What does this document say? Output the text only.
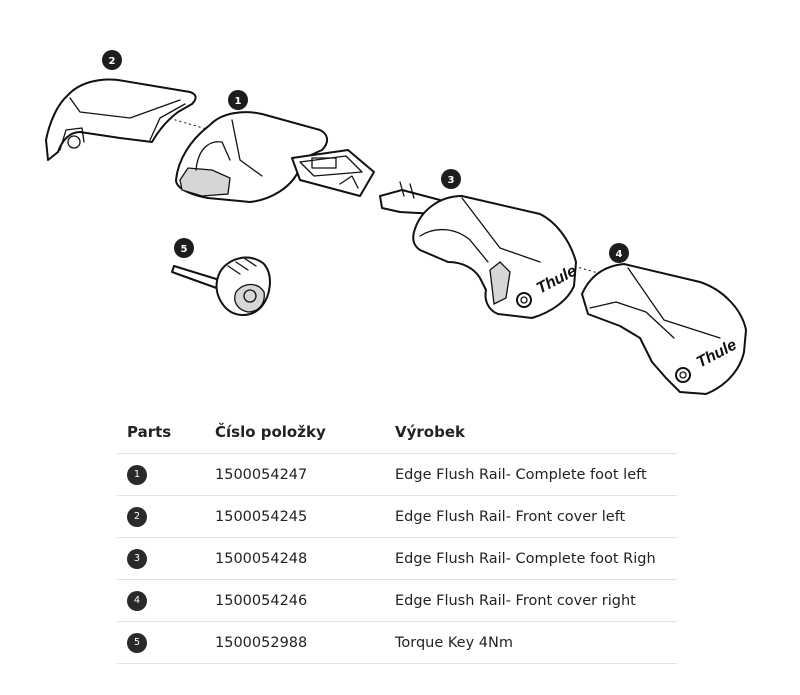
Thule
Thule
2
1
3
4
5
Parts	Číslo položky	Výrobek
1	1500054247	Edge Flush Rail- Complete foot left
2	1500054245	Edge Flush Rail- Front cover left
3	1500054248	Edge Flush Rail- Complete foot Righ
4	1500054246	Edge Flush Rail- Front cover right
5	1500052988	Torque Key 4Nm
